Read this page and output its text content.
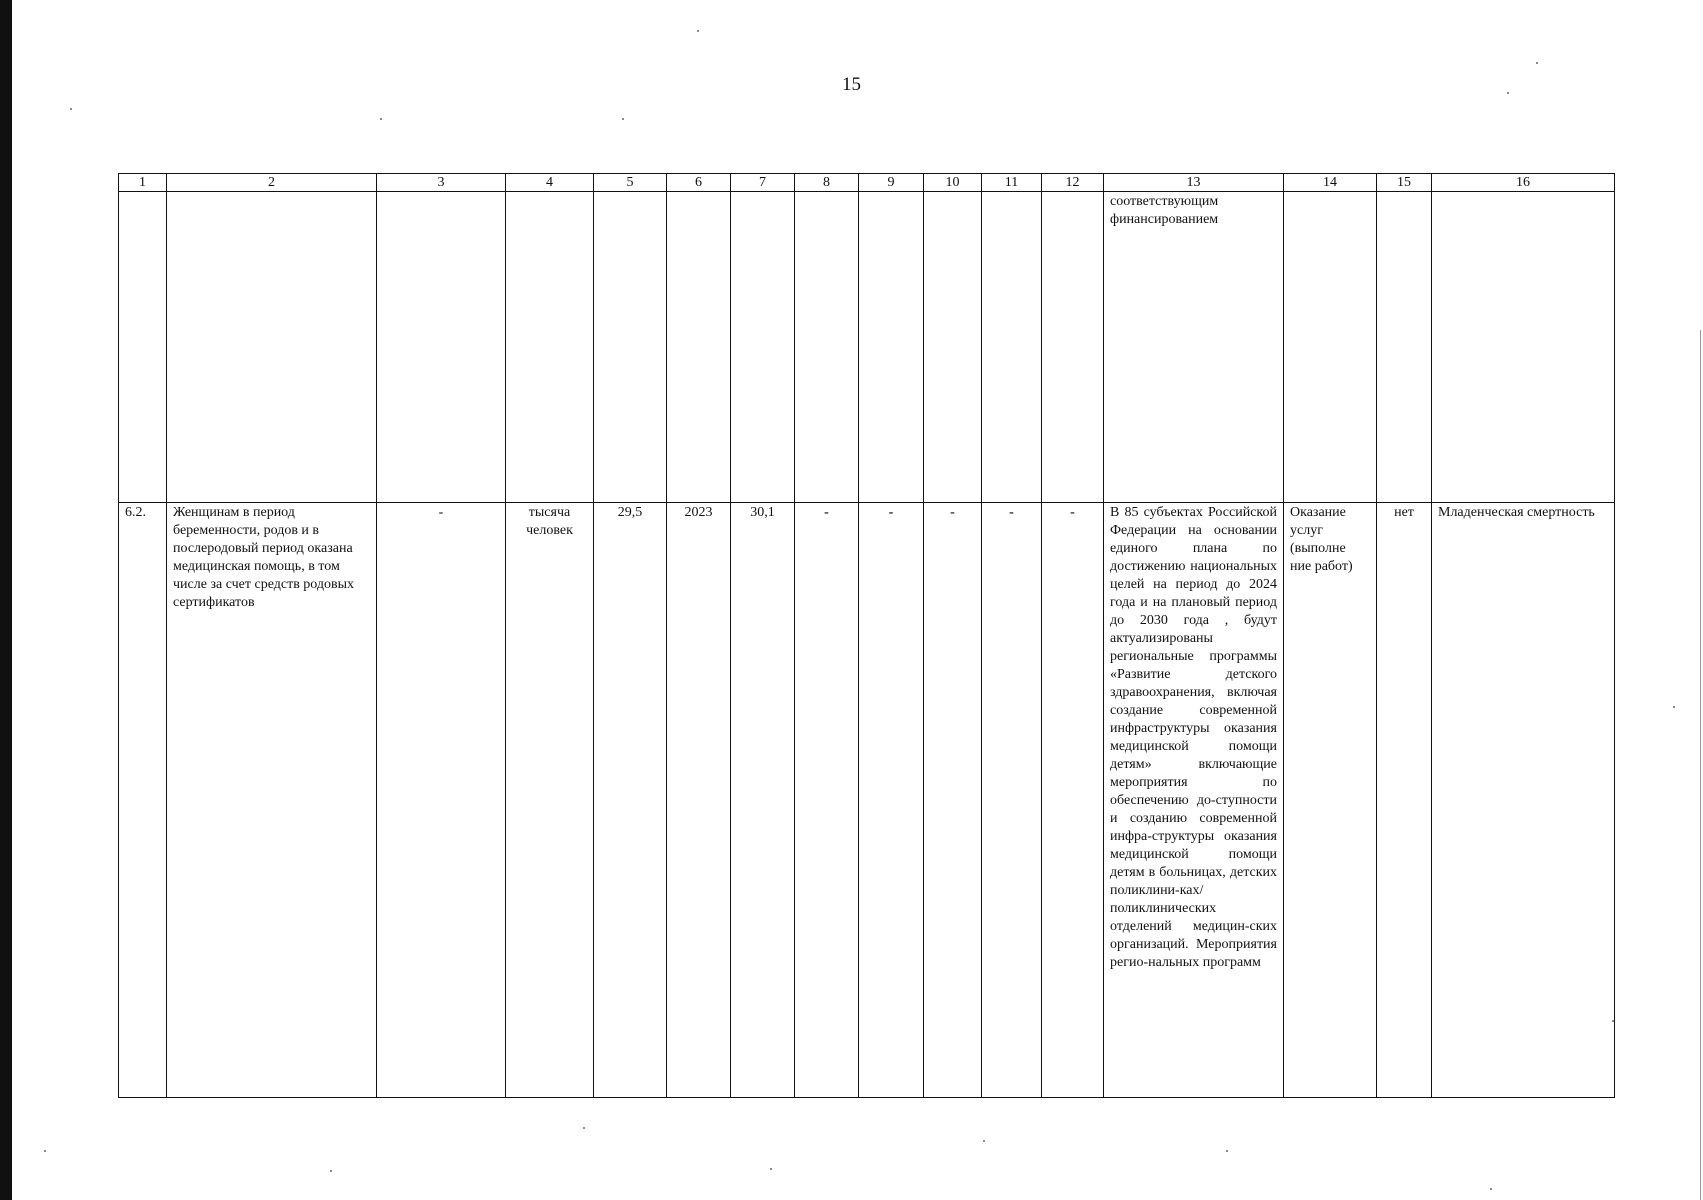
15
1	2	3	4	5	6	7	8	9	10	11	12	13	14	15	16
												соответствующим финансированием			
6.2.	Женщинам в период беременности, родов и в послеродовый период оказана медицинская помощь, в том числе за счет средств родовых сертификатов	-	тысяча человек	29,5	2023	30,1	-	-	-	-	-	В 85 субъектах Российской Федерации на основании единого плана по достижению национальных целей на период до 2024 года и на плановый период до 2030 года , будут актуализированы региональные программы «Развитие детского здравоохранения, включая создание современной инфраструктуры оказания медицинской помощи детям» включающие мероприятия по обеспечению до-ступности и созданию современной инфра-структуры оказания медицинской помощи детям в больницах, детских поликлини-ках/поликлинических отделений медицин-ских организаций. Мероприятия регио-нальных программ	Оказание услуг (выполне ние работ)	нет	Младенческая смертность
